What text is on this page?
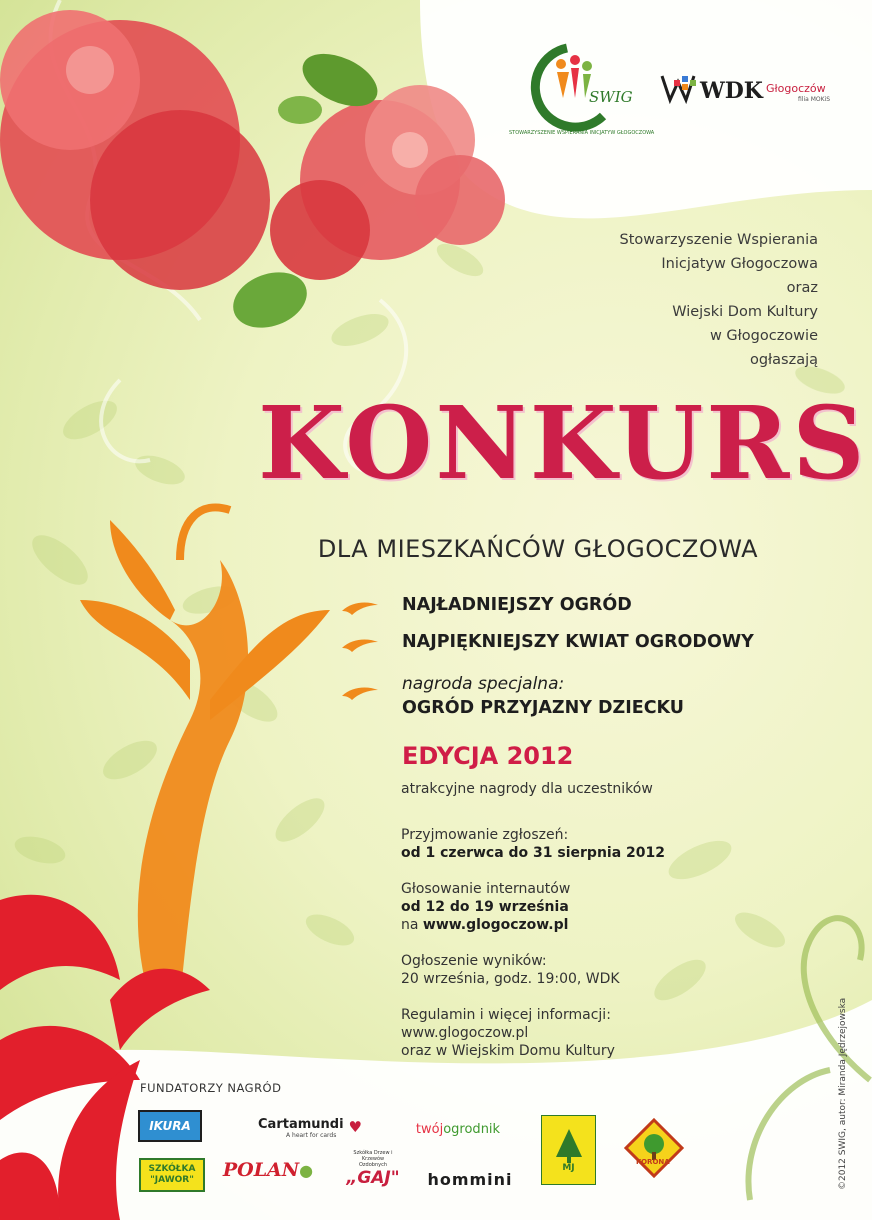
SWIG
STOWARZYSZENIE WSPIERANIA INICJATYW GŁOGOCZOWA
WDK Głogoczów
filia MOKiS
Stowarzyszenie Wspierania
Inicjatyw Głogoczowa
oraz
Wiejski Dom Kultury
w Głogoczowie
ogłaszają
KONKURS
DLA MIESZKAŃCÓW GŁOGOCZOWA
NAJŁADNIEJSZY OGRÓD
NAJPIĘKNIEJSZY KWIAT OGRODOWY
nagroda specjalna:
OGRÓD PRZYJAZNY DZIECKU
EDYCJA 2012
atrakcyjne nagrody dla uczestników
Przyjmowanie zgłoszeń:
od 1 czerwca do 31 sierpnia 2012
Głosowanie internautów
od 12 do 19 września
na www.glogoczow.pl
Ogłoszenie wyników:
20 września, godz. 19:00, WDK
Regulamin i więcej informacji:
www.glogoczow.pl
oraz w Wiejskim Domu Kultury
FUNDATORZY NAGRÓD
IKURA	Cartamundi
A heart for cards ♥	twój ogrodnik
MJ
KORONA
SZKÓŁKA
"JAWOR" POLAN ●
Szkółka Drzew i Krzewów Ozdobnych
„GAJ" hommini	©2012 SWIG, autor: Miranda Jędrzejowska
